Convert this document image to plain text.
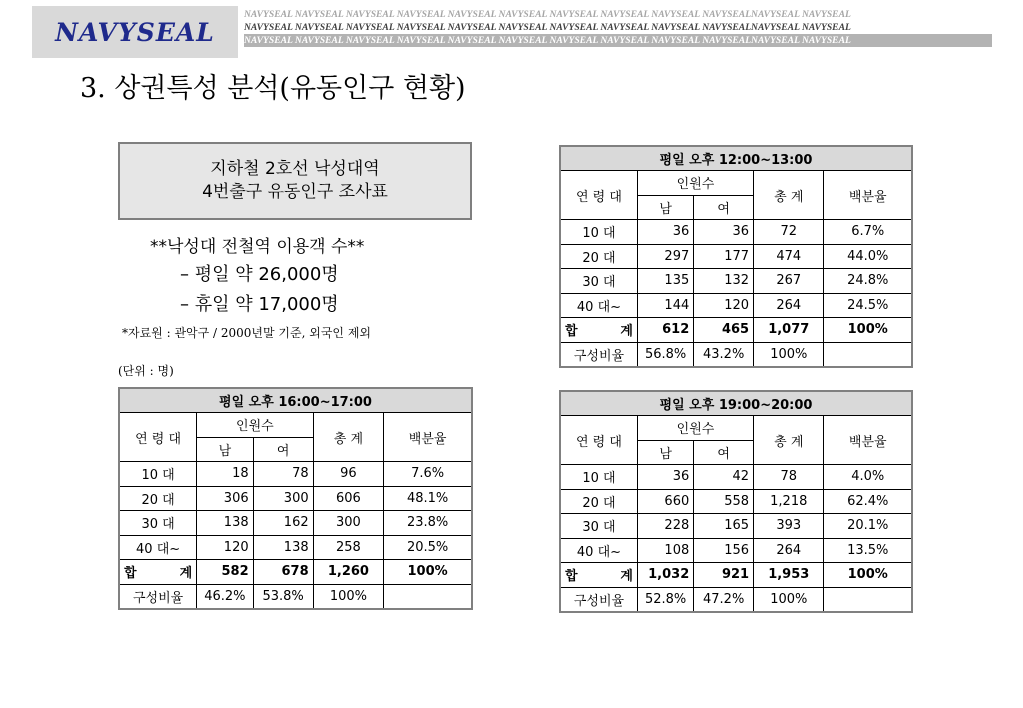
NAVYSEAL
NAVYSEAL NAVYSEAL NAVYSEAL NAVYSEAL NAVYSEAL NAVYSEAL NAVYSEAL NAVYSEAL NAVYSEAL NAVYSEALNAVYSEAL NAVYSEAL
NAVYSEAL NAVYSEAL NAVYSEAL NAVYSEAL NAVYSEAL NAVYSEAL NAVYSEAL NAVYSEAL NAVYSEAL NAVYSEALNAVYSEAL NAVYSEAL
NAVYSEAL NAVYSEAL NAVYSEAL NAVYSEAL NAVYSEAL NAVYSEAL NAVYSEAL NAVYSEAL NAVYSEAL NAVYSEALNAVYSEAL NAVYSEAL
3. 상권특성 분석(유동인구 현황)
지하철 2호선 낙성대역
4번출구 유동인구 조사표
**낙성대 전철역 이용객 수**
– 평일 약 26,000명
– 휴일 약 17,000명
*자료원 : 관악구 / 2000년말 기준, 외국인 제외
(단위 : 명)
평일 오후 16:00~17:00				
연 령 대	인원수		총 계	백분율
	남	여		
10 대	18	78	96	7.6%
20 대	306	300	606	48.1%
30 대	138	162	300	23.8%
40 대~	120	138	258	20.5%

합 계	582	678	1,260	100%
구성비율	46.2%	53.8%	100%	
평일 오후 12:00~13:00				
연 령 대	인원수		총 계	백분율
	남	여		
10 대	36	36	72	6.7%
20 대	297	177	474	44.0%
30 대	135	132	267	24.8%
40 대~	144	120	264	24.5%

합 계	612	465	1,077	100%
구성비율	56.8%	43.2%	100%	
평일 오후 19:00~20:00				
연 령 대	인원수		총 계	백분율
	남	여		
10 대	36	42	78	4.0%
20 대	660	558	1,218	62.4%
30 대	228	165	393	20.1%
40 대~	108	156	264	13.5%

합 계	1,032	921	1,953	100%
구성비율	52.8%	47.2%	100%	
